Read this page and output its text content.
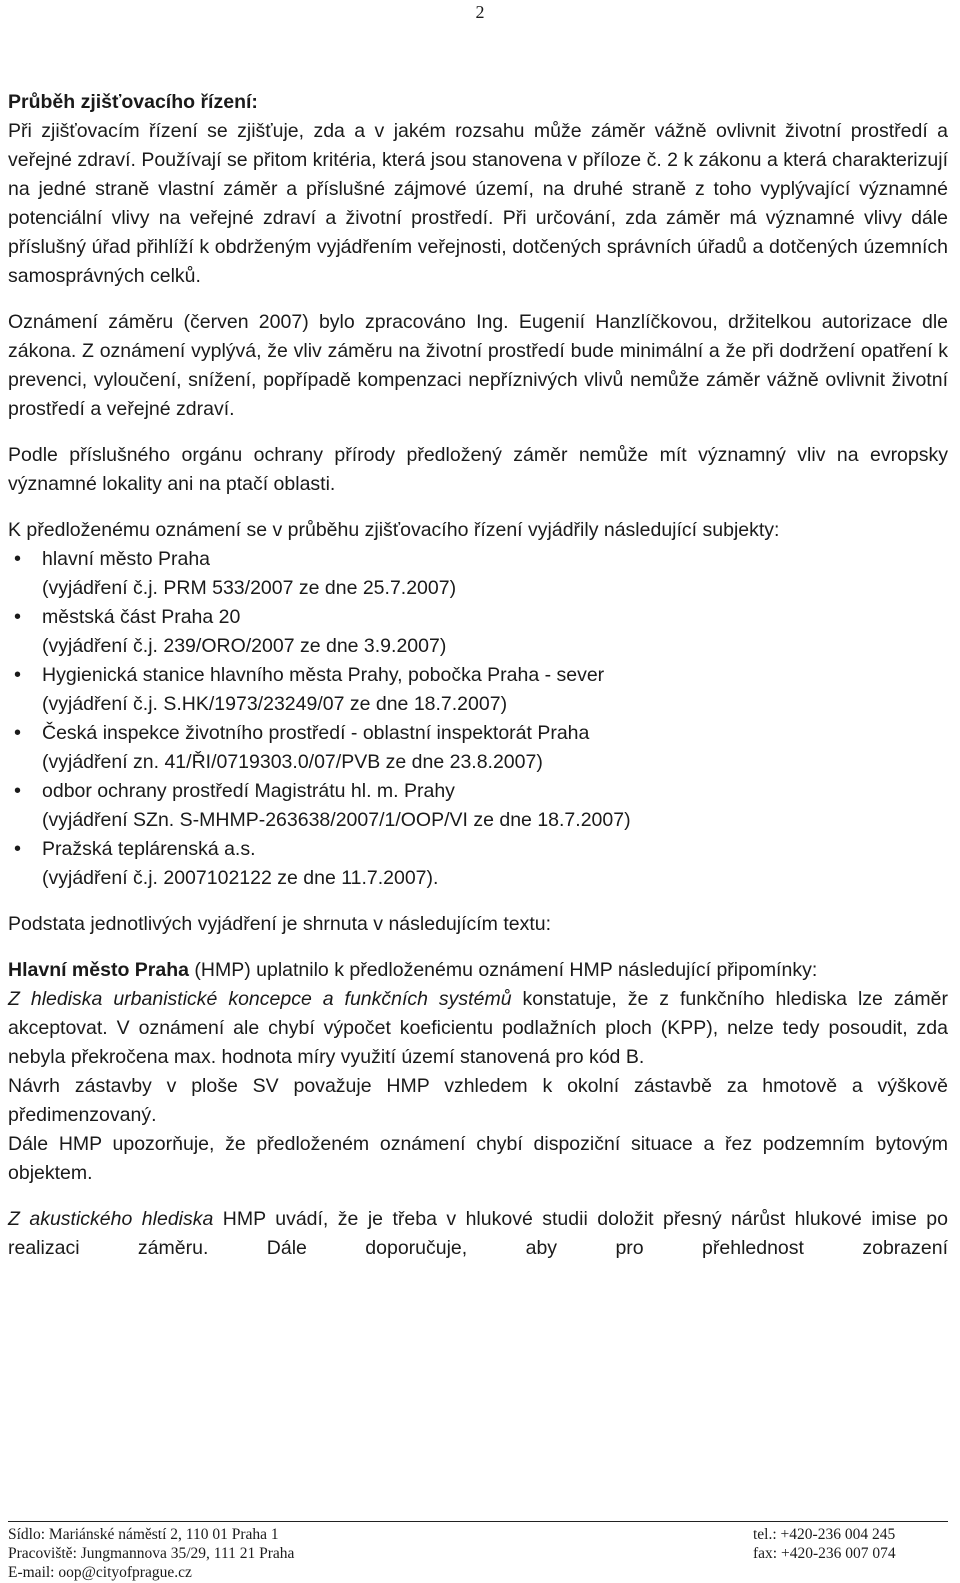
2

Průběh zjišťovacího řízení:

Při zjišťovacím řízení se zjišťuje, zda a v jakém rozsahu může záměr vážně ovlivnit životní prostředí a veřejné zdraví. Používají se přitom kritéria, která jsou stanovena v příloze č. 2 k zákonu a která charakterizují na jedné straně vlastní záměr a příslušné zájmové území, na druhé straně z toho vyplývající významné potenciální vlivy na veřejné zdraví a životní prostředí. Při určování, zda záměr má významné vlivy dále příslušný úřad přihlíží k obdrženým vyjádřením veřejnosti, dotčených správních úřadů a dotčených územních samosprávných celků.

Oznámení záměru (červen 2007) bylo zpracováno Ing. Eugenií Hanzlíčkovou, držitelkou autorizace dle zákona. Z oznámení vyplývá, že vliv záměru na životní prostředí bude minimální a že při dodržení opatření k prevenci, vyloučení, snížení, popřípadě kompenzaci nepříznivých vlivů nemůže záměr vážně ovlivnit životní prostředí a veřejné zdraví.

Podle příslušného orgánu ochrany přírody předložený záměr nemůže mít významný vliv na evropsky významné lokality ani na ptačí oblasti.

K předloženému oznámení se v průběhu zjišťovacího řízení vyjádřily následující subjekty:

• hlavní město Praha
(vyjádření č.j. PRM 533/2007 ze dne 25.7.2007)
• městská část Praha 20
(vyjádření č.j. 239/ORO/2007 ze dne 3.9.2007)
• Hygienická stanice hlavního města Prahy, pobočka Praha - sever
(vyjádření č.j. S.HK/1973/23249/07 ze dne 18.7.2007)
• Česká inspekce životního prostředí - oblastní inspektorát Praha
(vyjádření zn. 41/ŘI/0719303.0/07/PVB ze dne 23.8.2007)
• odbor ochrany prostředí Magistrátu hl. m. Prahy
(vyjádření SZn. S-MHMP-263638/2007/1/OOP/VI ze dne 18.7.2007)
• Pražská teplárenská a.s.
(vyjádření č.j. 2007102122 ze dne 11.7.2007).

Podstata jednotlivých vyjádření je shrnuta v následujícím textu:

Hlavní město Praha (HMP) uplatnilo k předloženému oznámení HMP následující připomínky:

Z hlediska urbanistické koncepce a funkčních systémů konstatuje, že z funkčního hlediska lze záměr akceptovat. V oznámení ale chybí výpočet koeficientu podlažních ploch (KPP), nelze tedy posoudit, zda nebyla překročena max. hodnota míry využití území stanovená pro kód B.

Návrh zástavby v ploše SV považuje HMP vzhledem k okolní zástavbě za hmotově a výškově předimenzovaný.

Dále HMP upozorňuje, že předloženém oznámení chybí dispoziční situace a řez podzemním bytovým objektem.

Z akustického hlediska HMP uvádí, že je třeba v hlukové studii doložit přesný nárůst hlukové imise po realizaci záměru. Dále doporučuje, aby pro přehlednost zobrazení

Sídlo: Mariánské náměstí 2, 110 01 Praha 1	tel.: +420-236 004 245
Pracoviště: Jungmannova 35/29, 111 21 Praha	fax: +420-236 007 074
E-mail: oop@cityofprague.cz
